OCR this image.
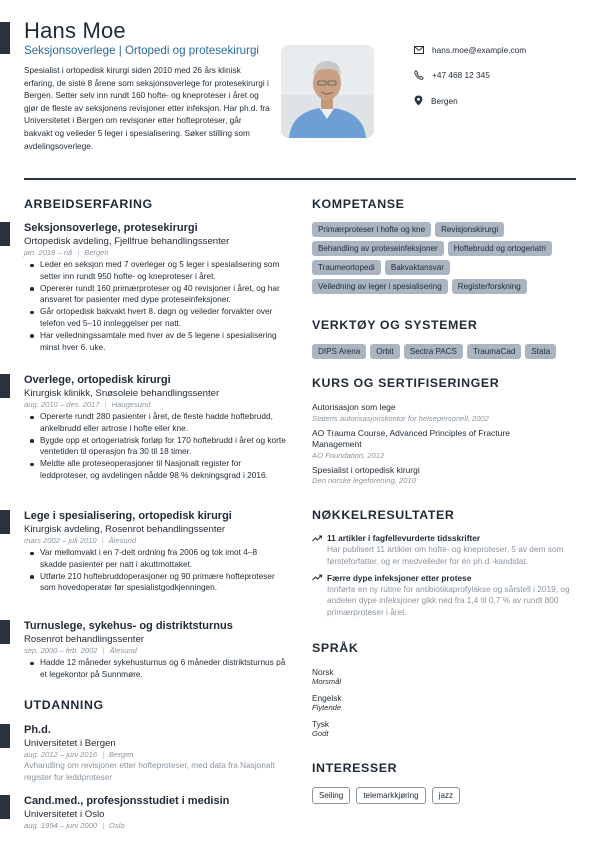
Hans Moe
Seksjonsoverlege | Ortopedi og protesekirurgi
Spesialist i ortopedisk kirurgi siden 2010 med 26 års klinisk erfaring, de siste 8 årene som seksjonsoverlege for protesekirurgi i Bergen. Setter selv inn rundt 160 hofte- og kneproteser i året og gjør de fleste av seksjonens revisjoner etter infeksjon. Har ph.d. fra Universitetet i Bergen om revisjoner etter hofteproteser, går bakvakt og veileder 5 leger i spesialisering. Søker stilling som avdelingsoverlege.
hans.moe@example.com
+47 468 12 345
Bergen
ARBEIDSERFARING
Seksjonsoverlege, protesekirurgi
Ortopedisk avdeling, Fjellfrue behandlingssenter
jan. 2018 – nå | Bergen
Leder en seksjon med 7 overleger og 5 leger i spesialisering som setter inn rundt 950 hofte- og kneproteser i året.
Opererer rundt 160 primærproteser og 40 revisjoner i året, og har ansvaret for pasienter med dype proteseinfeksjoner.
Går ortopedisk bakvakt hvert 8. døgn og veileder forvakter over telefon ved 5–10 innleggelser per natt.
Har veiledningssamtale med hver av de 5 legene i spesialisering minst hver 6. uke.
Overlege, ortopedisk kirurgi
Kirurgisk klinikk, Snøsoleie behandlingssenter
aug. 2010 – des. 2017 | Haugesund
Opererte rundt 280 pasienter i året, de fleste hadde hoftebrudd, ankelbrudd eller artrose i hofte eller kne.
Bygde opp et ortogeriatrisk forløp for 170 hoftebrudd i året og korte ventetiden til operasjon fra 30 til 18 timer.
Meldte alle proteseoperasjoner til Nasjonalt register for leddproteser, og avdelingen nådde 98 % dekningsgrad i 2016.
Lege i spesialisering, ortopedisk kirurgi
Kirurgisk avdeling, Rosenrot behandlingssenter
mars 2002 – juli 2010 | Ålesund
Var mellomvakt i en 7-delt ordning fra 2006 og tok imot 4–8 skadde pasienter per natt i akuttmottaket.
Utførte 210 hoftebruddoperasjoner og 90 primære hofteproteser som hovedoperatør før spesialistgodkjenningen.
Turnuslege, sykehus- og distriktsturnus
Rosenrot behandlingssenter
sep. 2000 – feb. 2002 | Ålesund
Hadde 12 måneder sykehusturnus og 6 måneder distriktsturnus på et legekontor på Sunnmøre.
UTDANNING
Ph.d.
Universitetet i Bergen
aug. 2012 – juni 2016 | Bergen
Avhandling om revisjoner etter hofteproteser, med data fra Nasjonalt register for leddproteser
Cand.med., profesjonsstudiet i medisin
Universitetet i Oslo
aug. 1994 – juni 2000 | Oslo
KOMPETANSE
Primærproteser i hofte og kne	Revisjonskirurgi
Behandling av proteseinfeksjoner	Hoftebrudd og ortogeriatri
Traumeortopedi	Bakvaktansvar
Veiledning av leger i spesialisering	Registerforskning
VERKTØY OG SYSTEMER
DIPS Arena	Orbit	Sectra PACS	TraumaCad	Stata
KURS OG SERTIFISERINGER
Autorisasjon som lege
Statens autorisasjonskontor for helsepersonell, 2002
AO Trauma Course, Advanced Principles of Fracture Management
AO Foundation, 2012
Spesialist i ortopedisk kirurgi
Den norske legeforening, 2010
NØKKELRESULTATER
11 artikler i fagfellevurderte tidsskrifter
Har publisert 11 artikler om hofte- og kneproteser, 5 av dem som førsteforfatter, og er medveileder for én ph.d.-kandidat.
Færre dype infeksjoner etter protese
Innførte en ny rutine for antibiotikaprofylakse og sårstell i 2019, og andelen dype infeksjoner gikk ned fra 1,4 til 0,7 % av rundt 800 primærproteser i året.
SPRÅK
Norsk
Morsmål
Engelsk
Flytende
Tysk
Godt
INTERESSER
Seiling	telemarkkjøring	jazz
